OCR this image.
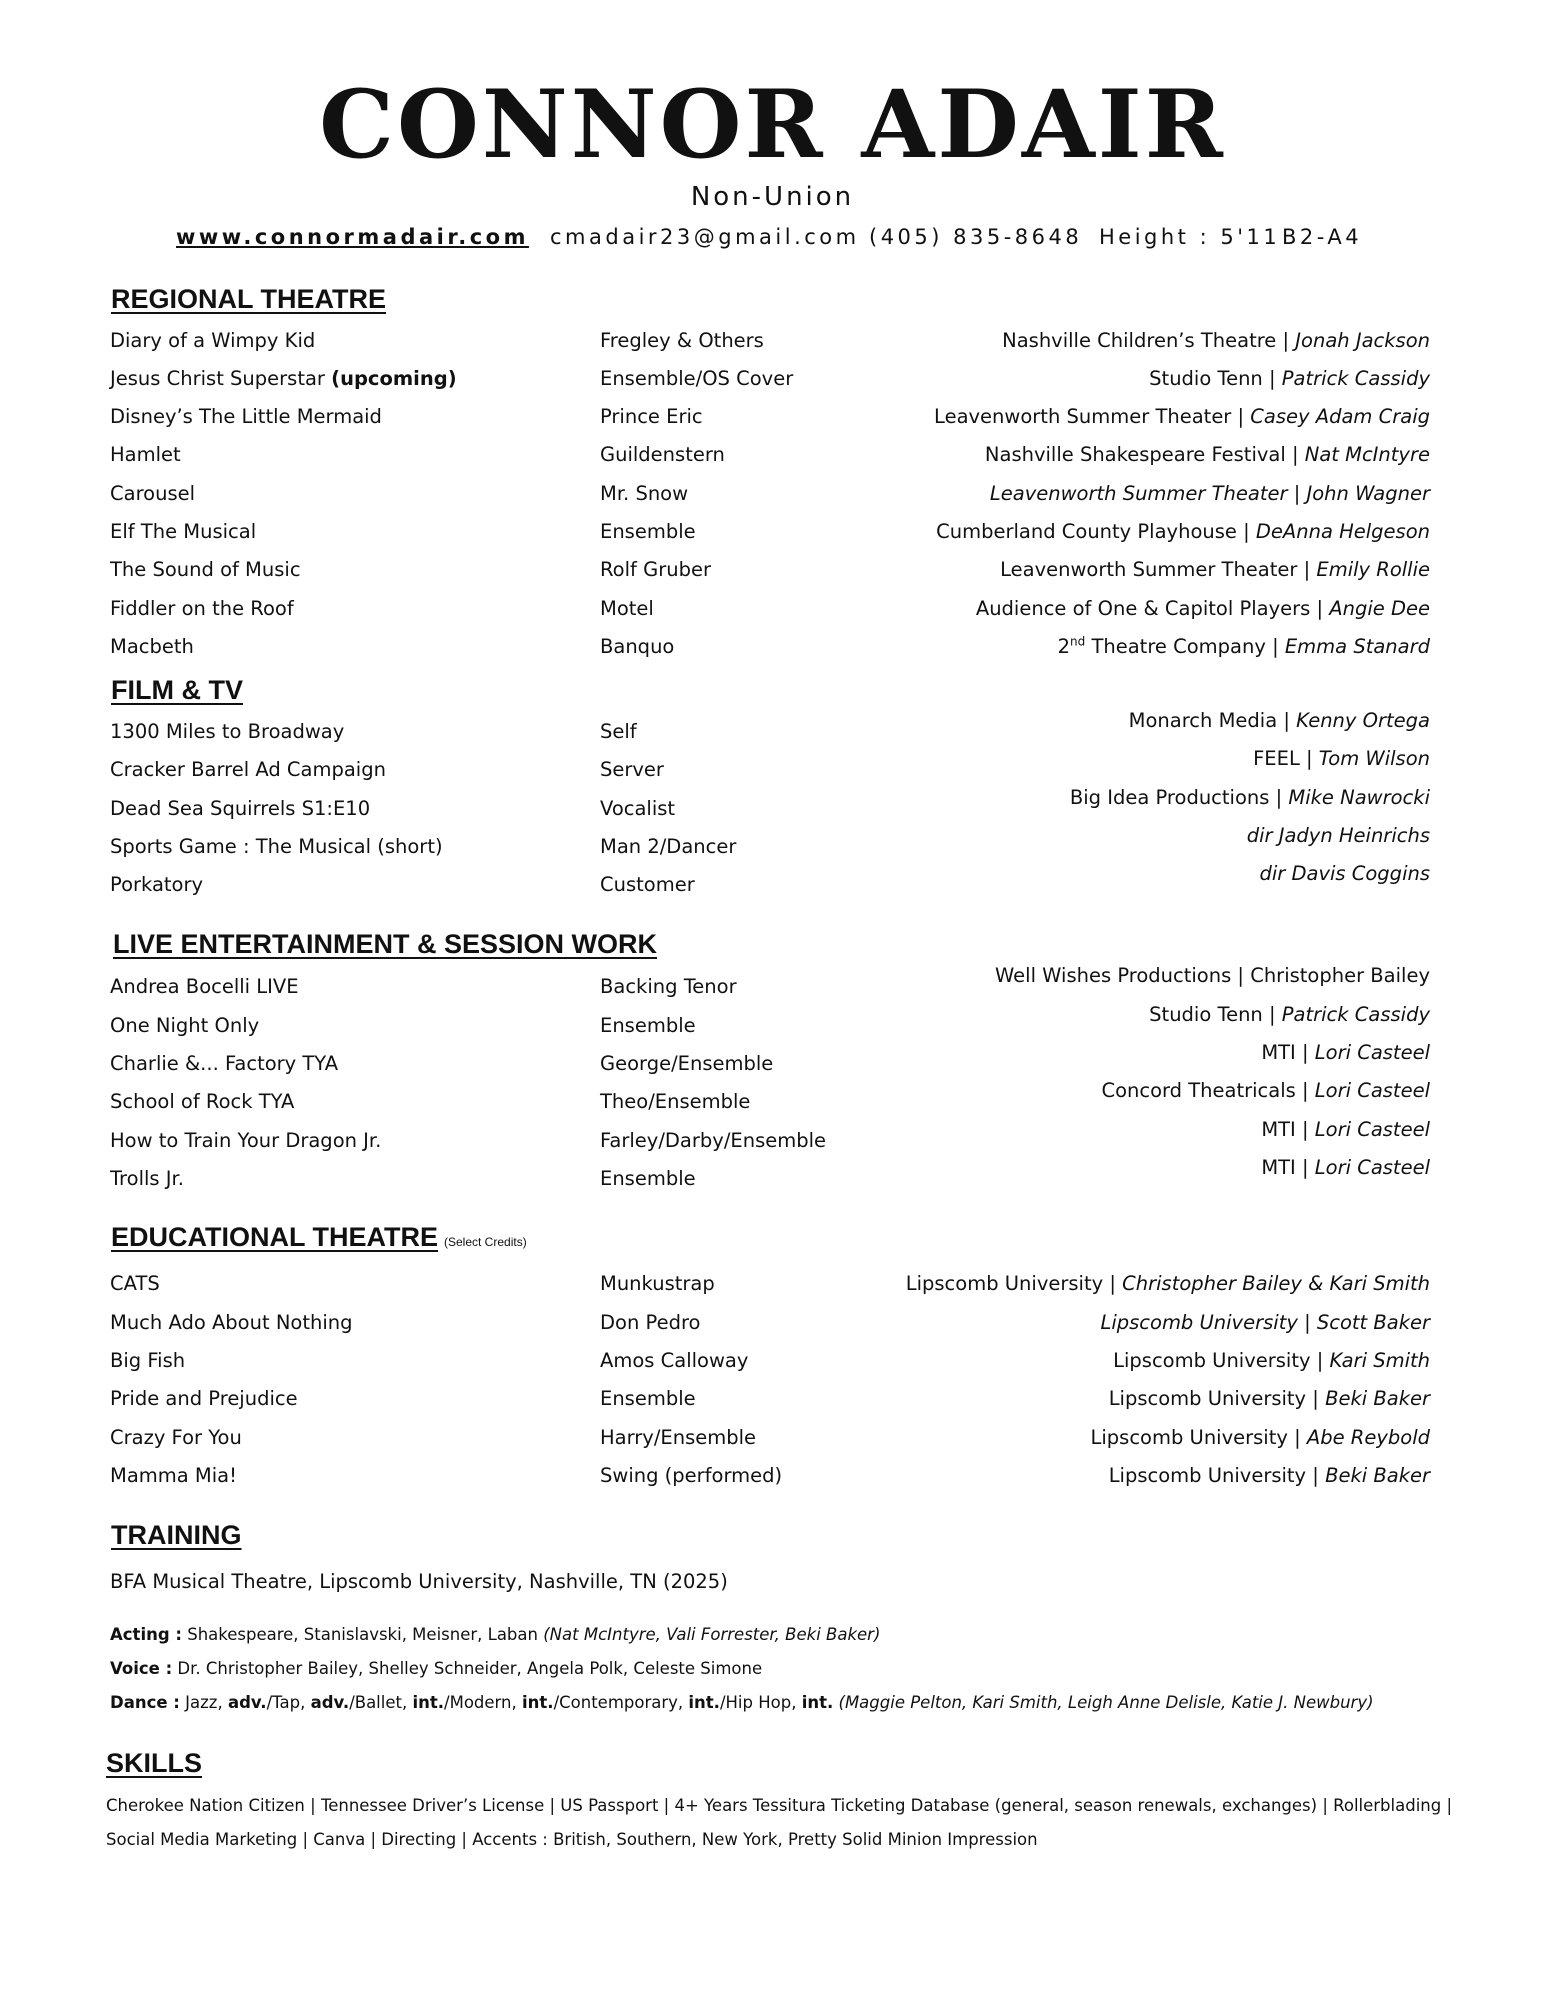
CONNOR ADAIR
Non-Union
www.connormadair.com cmadair23@gmail.com (405) 835-8648 Height : 5'11 B2-A4
REGIONAL THEATRE
Diary of a Wimpy Kid	Fregley & Others	Nashville Children’s Theatre | Jonah Jackson
Jesus Christ Superstar (upcoming)	Ensemble/OS Cover	Studio Tenn | Patrick Cassidy
Disney’s The Little Mermaid	Prince Eric	Leavenworth Summer Theater | Casey Adam Craig
Hamlet	Guildenstern	Nashville Shakespeare Festival | Nat McIntyre
Carousel	Mr. Snow	Leavenworth Summer Theater | John Wagner
Elf The Musical	Ensemble	Cumberland County Playhouse | DeAnna Helgeson
The Sound of Music	Rolf Gruber	Leavenworth Summer Theater | Emily Rollie
Fiddler on the Roof	Motel	Audience of One & Capitol Players | Angie Dee
Macbeth	Banquo	2nd Theatre Company | Emma Stanard
FILM & TV
1300 Miles to Broadway	Self	Monarch Media | Kenny Ortega
Cracker Barrel Ad Campaign	Server	FEEL | Tom Wilson
Dead Sea Squirrels S1:E10	Vocalist	Big Idea Productions | Mike Nawrocki
Sports Game : The Musical (short)	Man 2/Dancer	dir Jadyn Heinrichs
Porkatory	Customer	dir Davis Coggins
LIVE ENTERTAINMENT & SESSION WORK
Andrea Bocelli LIVE	Backing Tenor	Well Wishes Productions | Christopher Bailey
One Night Only	Ensemble	Studio Tenn | Patrick Cassidy
Charlie &... Factory TYA	George/Ensemble	MTI | Lori Casteel
School of Rock TYA	Theo/Ensemble	Concord Theatricals | Lori Casteel
How to Train Your Dragon Jr.	Farley/Darby/Ensemble	MTI | Lori Casteel
Trolls Jr.	Ensemble	MTI | Lori Casteel
EDUCATIONAL THEATRE (Select Credits)
CATS	Munkustrap	Lipscomb University | Christopher Bailey & Kari Smith
Much Ado About Nothing	Don Pedro	Lipscomb University | Scott Baker
Big Fish	Amos Calloway	Lipscomb University | Kari Smith
Pride and Prejudice	Ensemble	Lipscomb University | Beki Baker
Crazy For You	Harry/Ensemble	Lipscomb University | Abe Reybold
Mamma Mia!	Swing (performed)	Lipscomb University | Beki Baker
TRAINING
BFA Musical Theatre, Lipscomb University, Nashville, TN (2025)
Acting : Shakespeare, Stanislavski, Meisner, Laban (Nat McIntyre, Vali Forrester, Beki Baker)
Voice : Dr. Christopher Bailey, Shelley Schneider, Angela Polk, Celeste Simone
Dance : Jazz, adv./Tap, adv./Ballet, int./Modern, int./Contemporary, int./Hip Hop, int. (Maggie Pelton, Kari Smith, Leigh Anne Delisle, Katie J. Newbury)
SKILLS
Cherokee Nation Citizen | Tennessee Driver’s License | US Passport | 4+ Years Tessitura Ticketing Database (general, season renewals, exchanges) | Rollerblading |
Social Media Marketing | Canva | Directing | Accents : British, Southern, New York, Pretty Solid Minion Impression
